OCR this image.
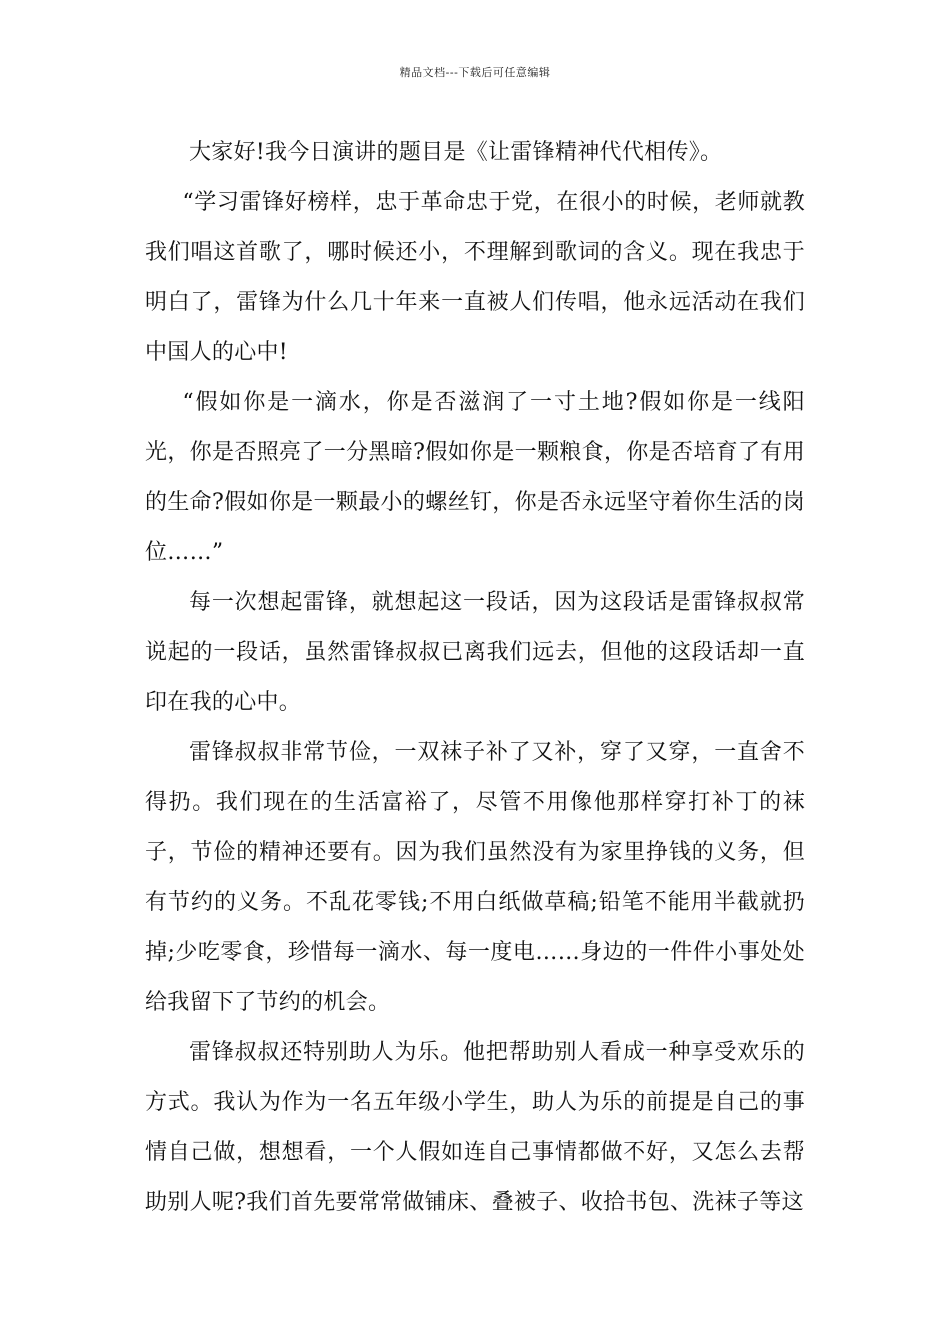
精品文档---下载后可任意编辑

大家好!我今日演讲的题目是《让雷锋精神代代相传》。

“学习雷锋好榜样，忠于革命忠于党，在很小的时候，老师就教我们唱这首歌了，哪时候还小，不理解到歌词的含义。现在我忠于明白了，雷锋为什么几十年来一直被人们传唱，他永远活动在我们中国人的心中!

“假如你是一滴水，你是否滋润了一寸土地?假如你是一线阳光，你是否照亮了一分黑暗?假如你是一颗粮食，你是否培育了有用的生命?假如你是一颗最小的螺丝钉，你是否永远坚守着你生活的岗位……”

每一次想起雷锋，就想起这一段话，因为这段话是雷锋叔叔常说起的一段话，虽然雷锋叔叔已离我们远去，但他的这段话却一直印在我的心中。

雷锋叔叔非常节俭，一双袜子补了又补，穿了又穿，一直舍不得扔。我们现在的生活富裕了，尽管不用像他那样穿打补丁的袜子，节俭的精神还要有。因为我们虽然没有为家里挣钱的义务，但有节约的义务。不乱花零钱;不用白纸做草稿;铅笔不能用半截就扔掉;少吃零食，珍惜每一滴水、每一度电……身边的一件件小事处处给我留下了节约的机会。

雷锋叔叔还特别助人为乐。他把帮助别人看成一种享受欢乐的方式。我认为作为一名五年级小学生，助人为乐的前提是自己的事情自己做，想想看，一个人假如连自己事情都做不好，又怎么去帮助别人呢?我们首先要常常做铺床、叠被子、收拾书包、洗袜子等这
